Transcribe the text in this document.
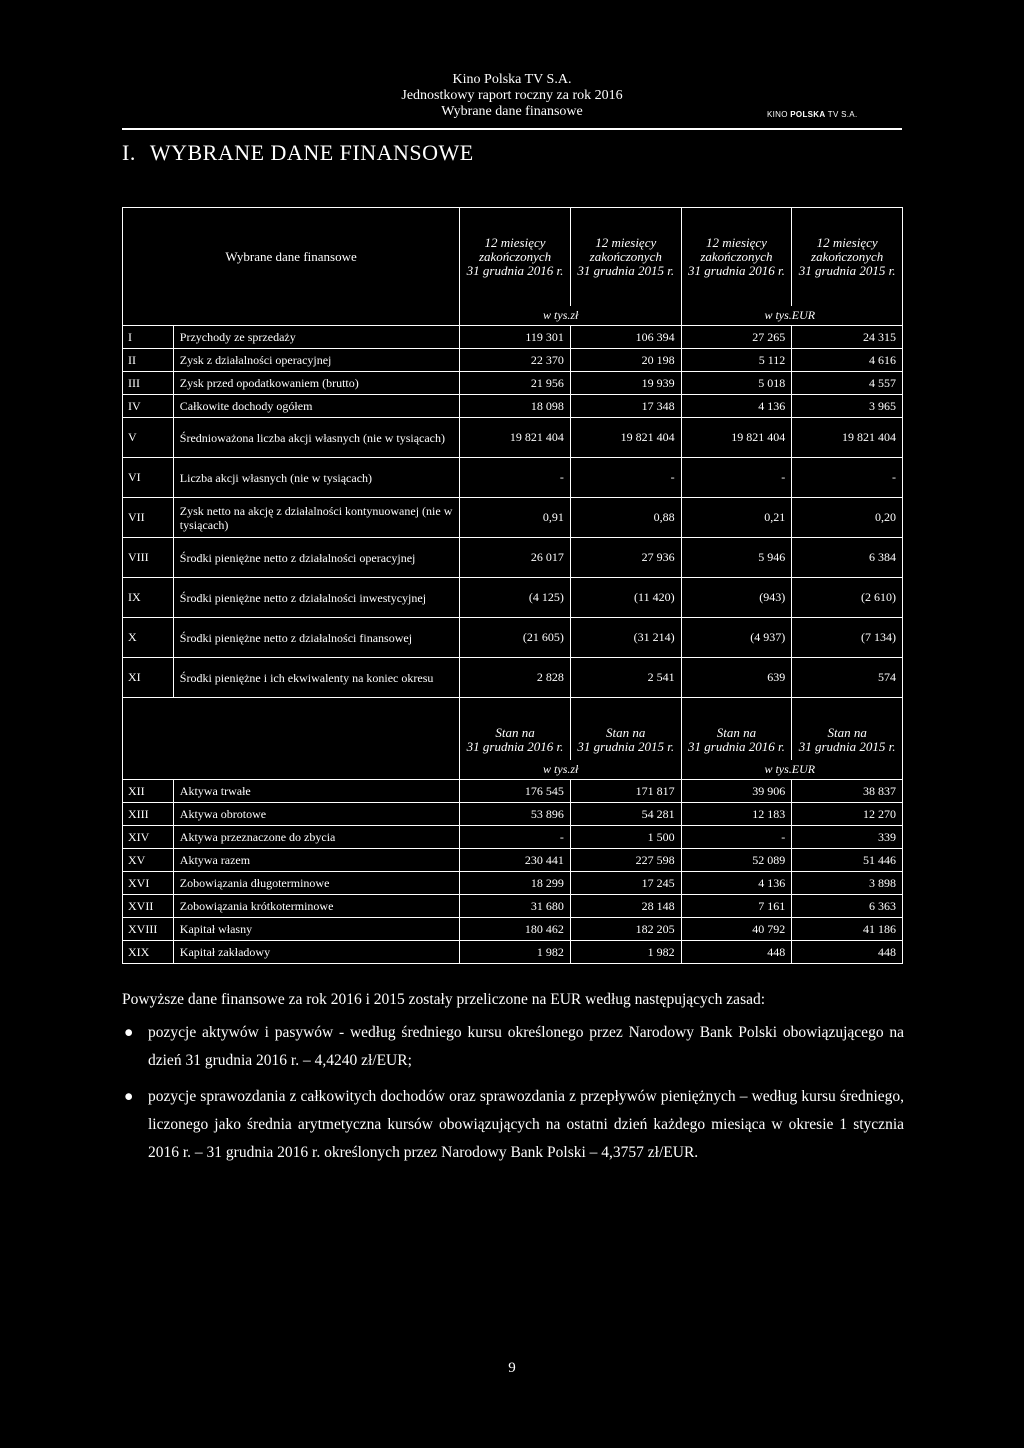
Kino Polska TV S.A.
Jednostkowy raport roczny za rok 2016
Wybrane dane finansowe	KINO POLSKA TV S.A.
I. WYBRANE DANE FINANSOWE
Wybrane dane finansowe		12 miesięcy
zakończonych
31 grudnia 2016 r.	12 miesięcy
zakończonych
31 grudnia 2015 r.	12 miesięcy
zakończonych
31 grudnia 2016 r.	12 miesięcy
zakończonych
31 grudnia 2015 r.
		w tys.	zł	w tys.	EUR
I	Przychody ze sprzedaży	119 301	106 394	27 265	24 315
II	Zysk z działalności operacyjnej	22 370	20 198	5 112	4 616
III	Zysk przed opodatkowaniem (brutto)	21 956	19 939	5 018	4 557
IV	Całkowite dochody ogółem	18 098	17 348	4 136	3 965
V	Średnioważona liczba akcji własnych (nie w tysiącach)	19 821 404	19 821 404	19 821 404	19 821 404
VI	Liczba akcji własnych (nie w tysiącach)	-	-	-	-
VII	Zysk netto na akcję z działalności kontynuowanej (nie w tysiącach)	0,91	0,88	0,21	0,20
VIII	Środki pieniężne netto z działalności operacyjnej	26 017	27 936	5 946	6 384
IX	Środki pieniężne netto z działalności inwestycyjnej	(4 125)	(11 420)	(943)	(2 610)
X	Środki pieniężne netto z działalności finansowej	(21 605)	(31 214)	(4 937)	(7 134)
XI	Środki pieniężne i ich ekwiwalenty na koniec okresu	2 828	2 541	639	574
		Stan na
31 grudnia 2016 r.	Stan na
31 grudnia 2015 r.	Stan na
31 grudnia 2016 r.	Stan na
31 grudnia 2015 r.
		w tys.	zł	w tys.	EUR
XII	Aktywa trwałe	176 545	171 817	39 906	38 837
XIII	Aktywa obrotowe	53 896	54 281	12 183	12 270
XIV	Aktywa przeznaczone do zbycia	-	1 500	-	339
XV	Aktywa razem	230 441	227 598	52 089	51 446
XVI	Zobowiązania długoterminowe	18 299	17 245	4 136	3 898
XVII	Zobowiązania krótkoterminowe	31 680	28 148	7 161	6 363
XVIII	Kapitał własny	180 462	182 205	40 792	41 186
XIX	Kapitał zakładowy	1 982	1 982	448	448

Powyższe dane finansowe za rok 2016 i 2015 zostały przeliczone na EUR według następujących zasad:

● pozycje aktywów i pasywów - według średniego kursu określonego przez Narodowy Bank Polski obowiązującego na dzień 31 grudnia 2016 r. – 4,4240 zł/EUR;
● pozycje sprawozdania z całkowitych dochodów oraz sprawozdania z przepływów pieniężnych – według kursu średniego, liczonego jako średnia arytmetyczna kursów obowiązujących na ostatni dzień każdego miesiąca w okresie 1 stycznia 2016 r. – 31 grudnia 2016 r. określonych przez Narodowy Bank Polski – 4,3757 zł/EUR.
9
